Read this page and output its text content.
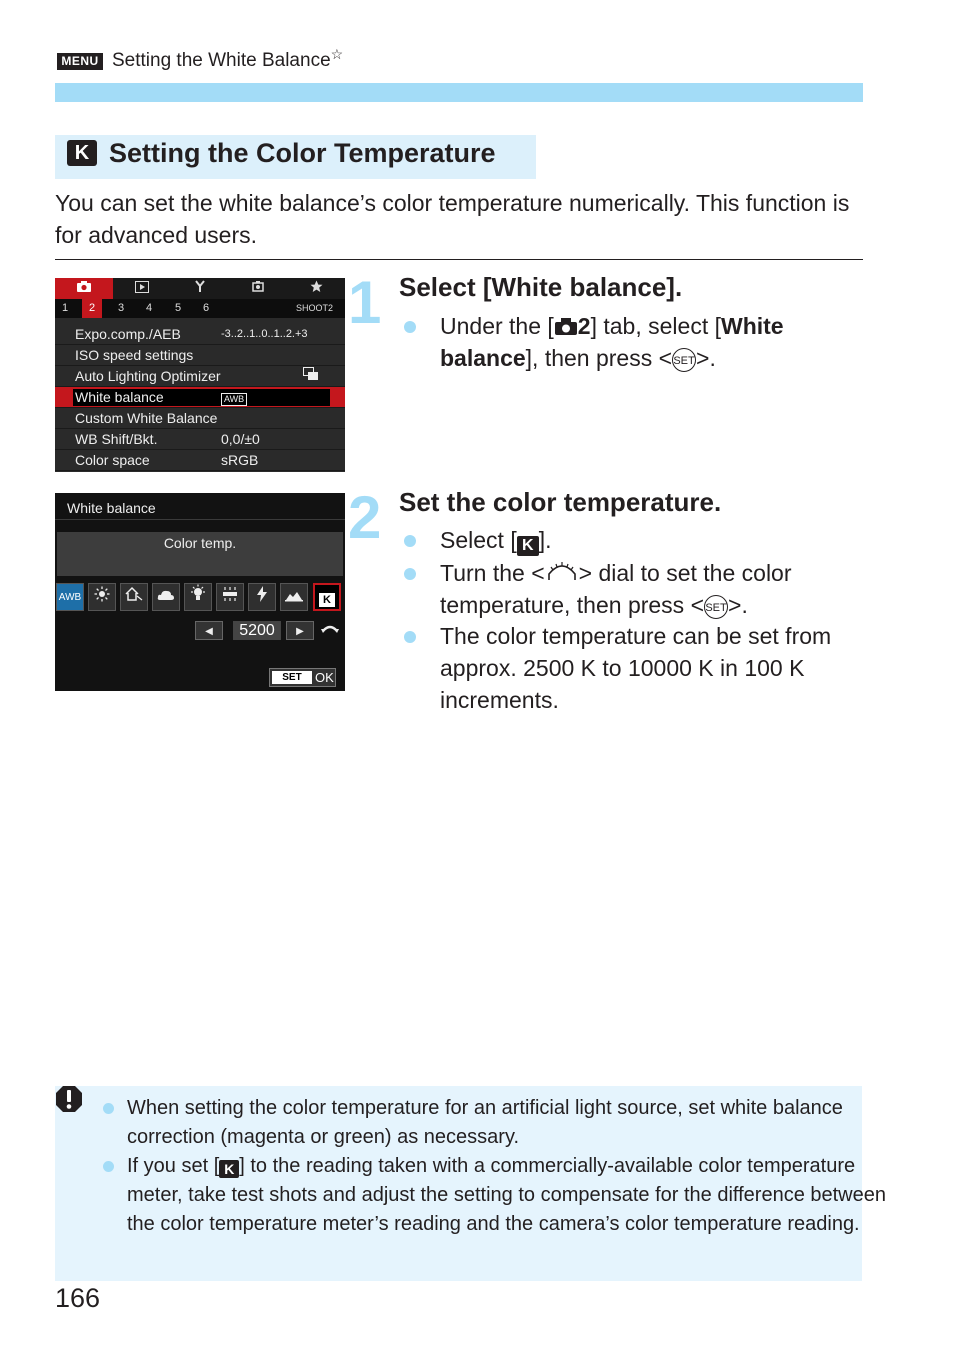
MENU Setting the White Balance☆
K Setting the Color Temperature
You can set the white balance’s color temperature numerically. This function is for advanced users.
1	2	3	4	5	6	SHOOT2
Expo.comp./AEB	-3..2..1..0..1..2.+3
ISO speed settings
Auto Lighting Optimizer
White balance	AWB
Custom White Balance
WB Shift/Bkt.	0,0/±0
Color space	sRGB
1 Select [White balance].
Under the [ 2] tab, select [White balance], then press <SET>.
White balance
Color temp.
AWB	K
◀	5200	▶
SET	OK
2 Set the color temperature.
Select [ K ].
Turn the < > dial to set the color temperature, then press <SET>.
The color temperature can be set from approx. 2500 K to 10000 K in 100 K increments.
When setting the color temperature for an artificial light source, set white balance correction (magenta or green) as necessary.
If you set [ K ] to the reading taken with a commercially-available color temperature meter, take test shots and adjust the setting to compensate for the difference between the color temperature meter’s reading and the camera’s color temperature reading.
166
